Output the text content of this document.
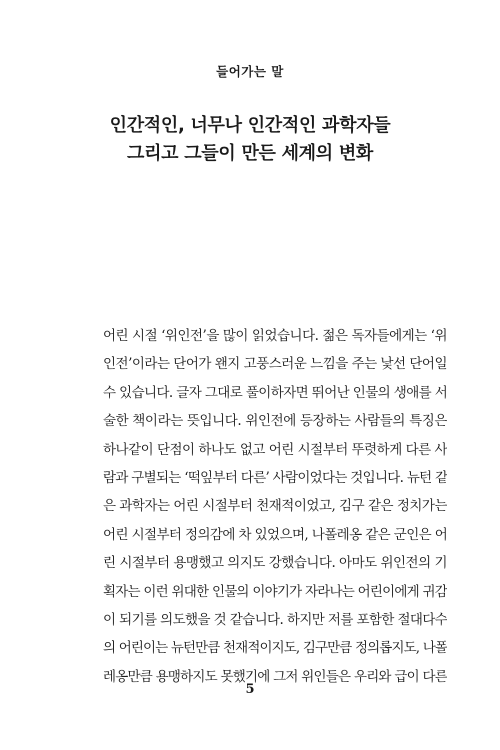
들어가는 말
인간적인, 너무나 인간적인 과학자들
그리고 그들이 만든 세계의 변화
어린 시절 ‘위인전’을 많이 읽었습니다. 젊은 독자들에게는 ‘위
인전’이라는 단어가 왠지 고풍스러운 느낌을 주는 낯선 단어일
수 있습니다. 글자 그대로 풀이하자면 뛰어난 인물의 생애를 서
술한 책이라는 뜻입니다. 위인전에 등장하는 사람들의 특징은
하나같이 단점이 하나도 없고 어린 시절부터 뚜렷하게 다른 사
람과 구별되는 ‘떡잎부터 다른’ 사람이었다는 것입니다. 뉴턴 같
은 과학자는 어린 시절부터 천재적이었고, 김구 같은 정치가는
어린 시절부터 정의감에 차 있었으며, 나폴레옹 같은 군인은 어
린 시절부터 용맹했고 의지도 강했습니다. 아마도 위인전의 기
획자는 이런 위대한 인물의 이야기가 자라나는 어린이에게 귀감
이 되기를 의도했을 것 같습니다. 하지만 저를 포함한 절대다수
의 어린이는 뉴턴만큼 천재적이지도, 김구만큼 정의롭지도, 나폴
레옹만큼 용맹하지도 못했기에 그저 위인들은 우리와 급이 다른
5
